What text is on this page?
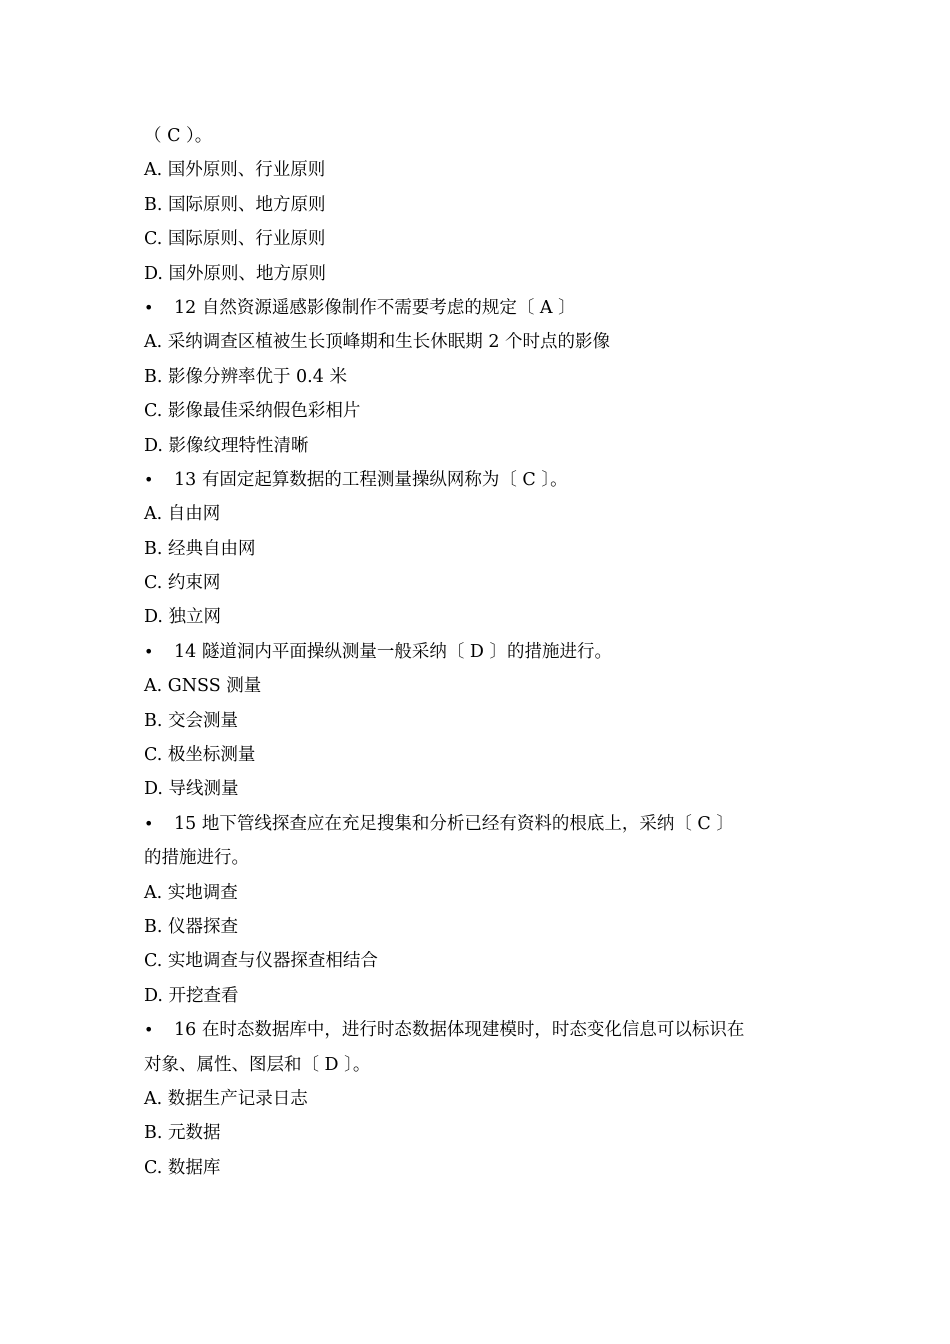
（ C ）。
A. 国外原则、行业原则
B. 国际原则、地方原则
C. 国际原则、行业原则
D. 国外原则、地方原则
• 12 自然资源遥感影像制作不需要考虑的规定〔 A 〕
A. 采纳调查区植被生长顶峰期和生长休眠期 2 个时点的影像
B. 影像分辨率优于 0.4 米
C. 影像最佳采纳假色彩相片
D. 影像纹理特性清晰
• 13 有固定起算数据的工程测量操纵网称为〔 C 〕。
A. 自由网
B. 经典自由网
C. 约束网
D. 独立网
• 14 隧道洞内平面操纵测量一般采纳〔 D 〕的措施进行。
A. GNSS 测量
B. 交会测量
C. 极坐标测量
D. 导线测量
• 15 地下管线探查应在充足搜集和分析已经有资料的根底上，采纳〔 C 〕
的措施进行。
A. 实地调查
B. 仪器探查
C. 实地调查与仪器探查相结合
D. 开挖查看
• 16 在时态数据库中，进行时态数据体现建模时，时态变化信息可以标识在
对象、属性、图层和〔 D 〕。
A. 数据生产记录日志
B. 元数据
C. 数据库
